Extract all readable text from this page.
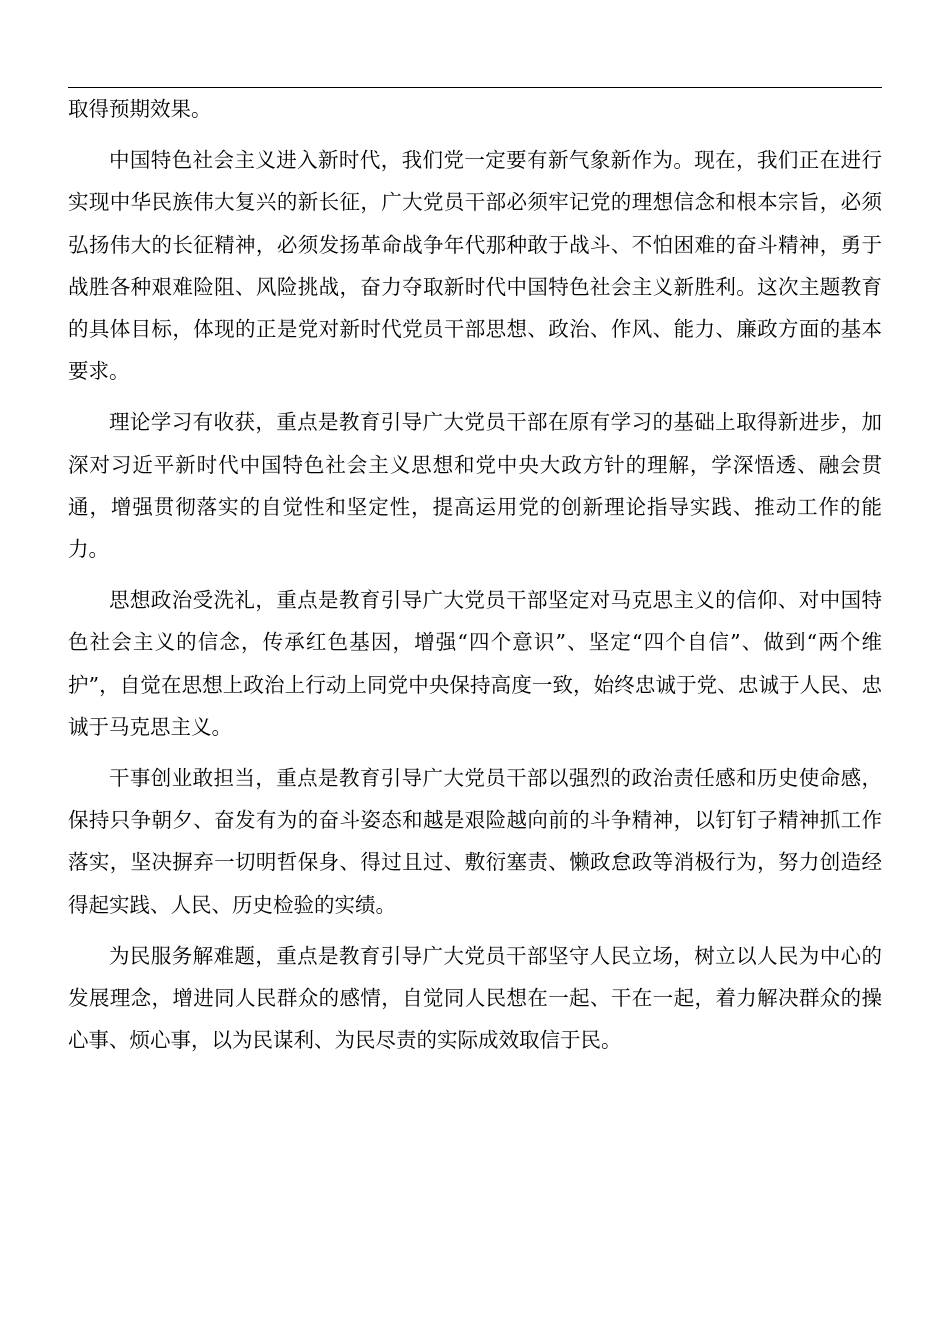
取得预期效果。

中国特色社会主义进入新时代，我们党一定要有新气象新作为。现在，我们正在进行实现中华民族伟大复兴的新长征，广大党员干部必须牢记党的理想信念和根本宗旨，必须弘扬伟大的长征精神，必须发扬革命战争年代那种敢于战斗、不怕困难的奋斗精神，勇于战胜各种艰难险阻、风险挑战，奋力夺取新时代中国特色社会主义新胜利。这次主题教育的具体目标，体现的正是党对新时代党员干部思想、政治、作风、能力、廉政方面的基本要求。

理论学习有收获，重点是教育引导广大党员干部在原有学习的基础上取得新进步，加深对习近平新时代中国特色社会主义思想和党中央大政方针的理解，学深悟透、融会贯通，增强贯彻落实的自觉性和坚定性，提高运用党的创新理论指导实践、推动工作的能力。

思想政治受洗礼，重点是教育引导广大党员干部坚定对马克思主义的信仰、对中国特色社会主义的信念，传承红色基因，增强“四个意识”、坚定“四个自信”、做到“两个维护”，自觉在思想上政治上行动上同党中央保持高度一致，始终忠诚于党、忠诚于人民、忠诚于马克思主义。

干事创业敢担当，重点是教育引导广大党员干部以强烈的政治责任感和历史使命感，保持只争朝夕、奋发有为的奋斗姿态和越是艰险越向前的斗争精神，以钉钉子精神抓工作落实，坚决摒弃一切明哲保身、得过且过、敷衍塞责、懒政怠政等消极行为，努力创造经得起实践、人民、历史检验的实绩。

为民服务解难题，重点是教育引导广大党员干部坚守人民立场，树立以人民为中心的发展理念，增进同人民群众的感情，自觉同人民想在一起、干在一起，着力解决群众的操心事、烦心事，以为民谋利、为民尽责的实际成效取信于民。
